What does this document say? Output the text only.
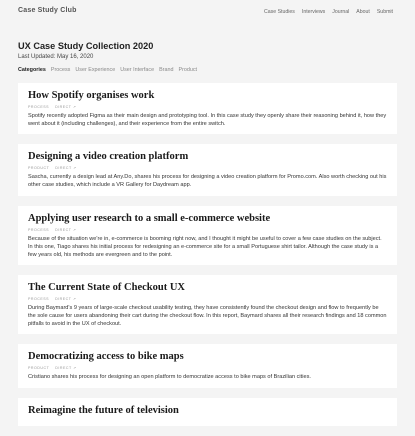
Case Study Club	Case Studies Interviews Journal About Submit
UX Case Study Collection 2020
Last Updated: May 16, 2020
Categories Process User Experience User Interface Brand Product
How Spotify organises work
PROCESS DIRECT ↗

Spotify recently adopted Figma as their main design and prototyping tool. In this case study they openly share their reasoning behind it, how they went about it (including challenges), and their experience from the entire switch.

Designing a video creation platform
PRODUCT DIRECT ↗

Sascha, currently a design lead at Any.Do, shares his process for designing a video creation platform for Promo.com. Also worth checking out his other case studies, which include a VR Gallery for Daydream app.

Applying user research to a small e-commerce website
PROCESS DIRECT ↗

Because of the situation we're in, e-commerce is booming right now, and I thought it might be useful to cover a few case studies on the subject. In this one, Tiago shares his initial process for redesigning an e-commerce site for a small Portuguese shirt tailor. Although the case study is a few years old, his methods are evergreen and to the point.

The Current State of Checkout UX
PROCESS DIRECT ↗

During Baymard's 9 years of large-scale checkout usability testing, they have consistently found the checkout design and flow to frequently be the sole cause for users abandoning their cart during the checkout flow. In this report, Baymard shares all their research findings and 18 common pitfalls to avoid in the UX of checkout.

Democratizing access to bike maps
PRODUCT DIRECT ↗

Cristiano shares his process for designing an open platform to democratize access to bike maps of Brazilian cities.

Reimagine the future of television
